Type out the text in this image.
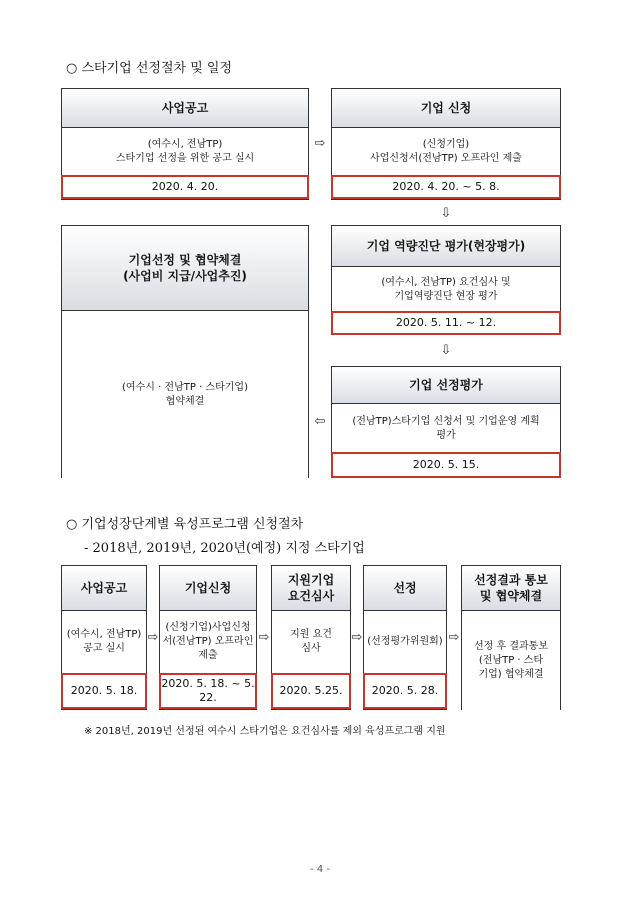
○ 스타기업 선정절차 및 일정
사업공고
(여수시, 전남TP)
스타기업 선정을 위한 공고 실시
2020. 4. 20.
⇨
기업 신청
(신청기업)
사업신청서(전남TP) 오프라인 제출
2020. 4. 20. ~ 5. 8.
⇩
기업선정 및 협약체결
(사업비 지급/사업추진)
(여수시 · 전남TP · 스타기업)
협약체결
기업 역량진단 평가(현장평가)
(여수시, 전남TP) 요건심사 및
기업역량진단 현장 평가
2020. 5. 11. ~ 12.
⇩
기업 선정평가
(전남TP)스타기업 신청서 및 기업운영 계획
평가
2020. 5. 15.
⇦
○ 기업성장단계별 육성프로그램 신청절차
- 2018년, 2019년, 2020년(예정) 지정 스타기업
사업공고
(여수시, 전남TP)
공고 실시
2020. 5. 18.
⇨
기업신청
(신청기업)사업신청
서(전남TP) 오프라인
제출
2020. 5. 18. ~ 5.
22.
⇨
지원기업
요건심사
지원 요건
심사
2020. 5.25.
⇨
선정
(선정평가위원회)
2020. 5. 28.
⇨
선정결과 통보
및 협약체결
선정 후 결과통보
(전남TP · 스타
기업) 협약체결
※ 2018년, 2019년 선정된 여수시 스타기업은 요건심사를 제외 육성프로그램 지원
- 4 -
